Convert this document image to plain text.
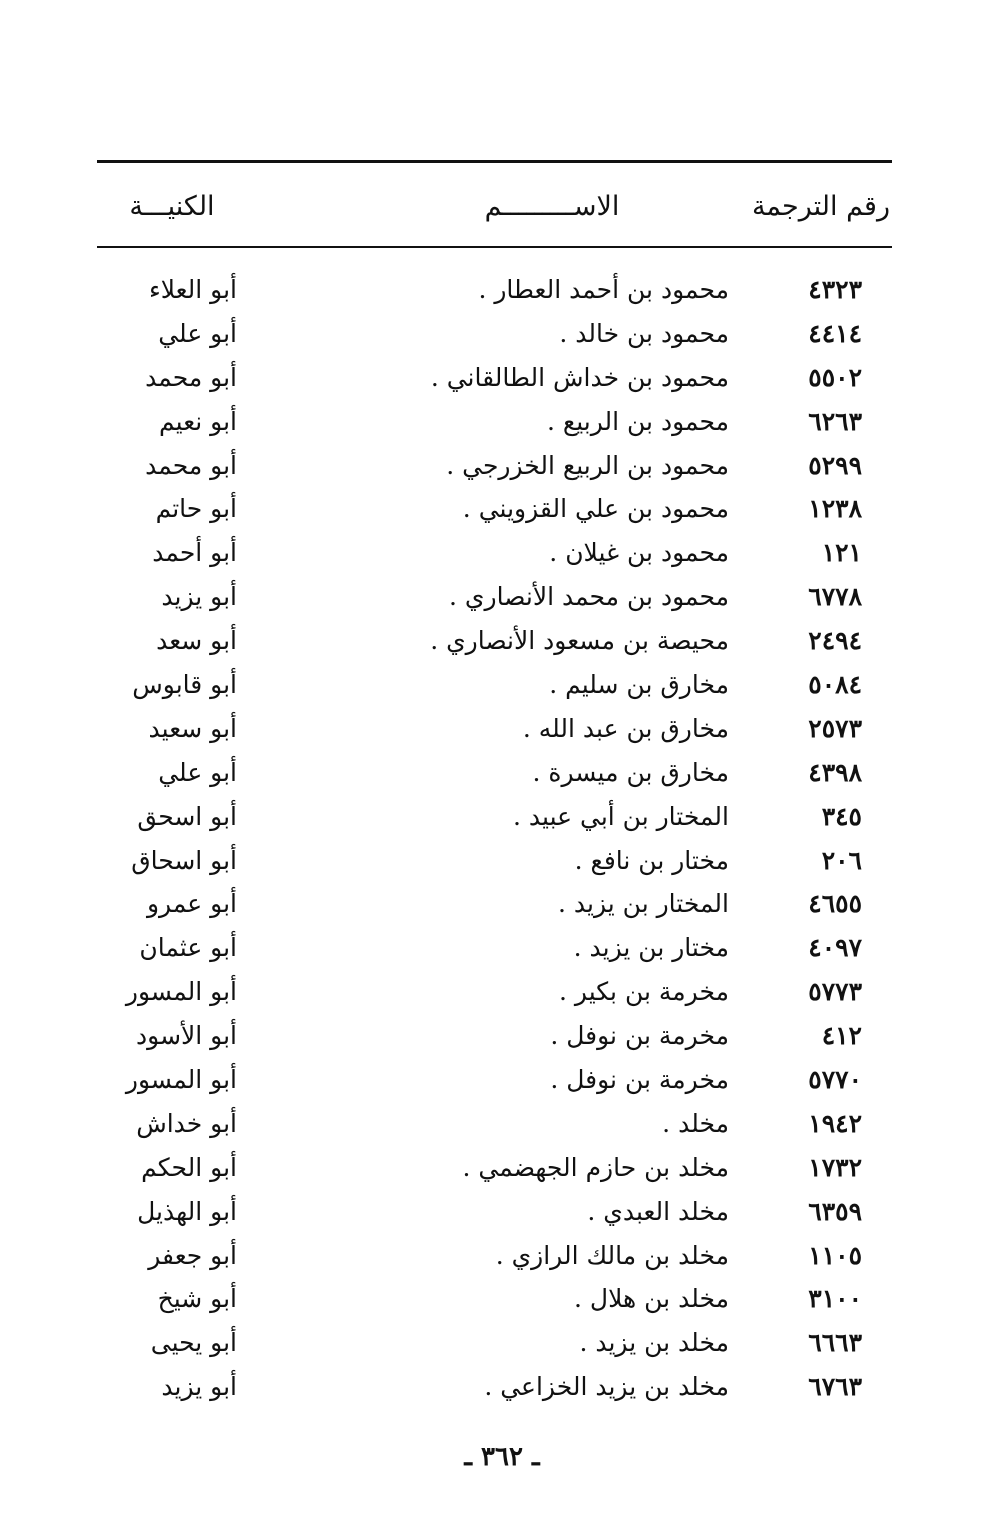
رقم الترجمة
الاســـــــــم
الكنيـــة
٤٣٢٣
محمود بن أحمد العطار .
أبو العلاء
٤٤١٤
محمود بن خالد .
أبو علي
٥٥٠٢
محمود بن خداش الطالقاني .
أبو محمد
٦٢٦٣
محمود بن الربيع .
أبو نعيم
٥٢٩٩
محمود بن الربيع الخزرجي .
أبو محمد
١٢٣٨
محمود بن علي القزويني .
أبو حاتم
١٢١
محمود بن غيلان .
أبو أحمد
٦٧٧٨
محمود بن محمد الأنصاري .
أبو يزيد
٢٤٩٤
محيصة بن مسعود الأنصاري .
أبو سعد
٥٠٨٤
مخارق بن سليم .
أبو قابوس
٢٥٧٣
مخارق بن عبد الله .
أبو سعيد
٤٣٩٨
مخارق بن ميسرة .
أبو علي
٣٤٥
المختار بن أبي عبيد .
أبو اسحق
٢٠٦
مختار بن نافع .
أبو اسحاق
٤٦٥٥
المختار بن يزيد .
أبو عمرو
٤٠٩٧
مختار بن يزيد .
أبو عثمان
٥٧٧٣
مخرمة بن بكير .
أبو المسور
٤١٢
مخرمة بن نوفل .
أبو الأسود
٥٧٧٠
مخرمة بن نوفل .
أبو المسور
١٩٤٢
مخلد .
أبو خداش
١٧٣٢
مخلد بن حازم الجهضمي .
أبو الحكم
٦٣٥٩
مخلد العبدي .
أبو الهذيل
١١٠٥
مخلد بن مالك الرازي .
أبو جعفر
٣١٠٠
مخلد بن هلال .
أبو شيخ
٦٦٦٣
مخلد بن يزيد .
أبو يحيى
٦٧٦٣
مخلد بن يزيد الخزاعي .
أبو يزيد
ـ ٣٦٢ ـ
